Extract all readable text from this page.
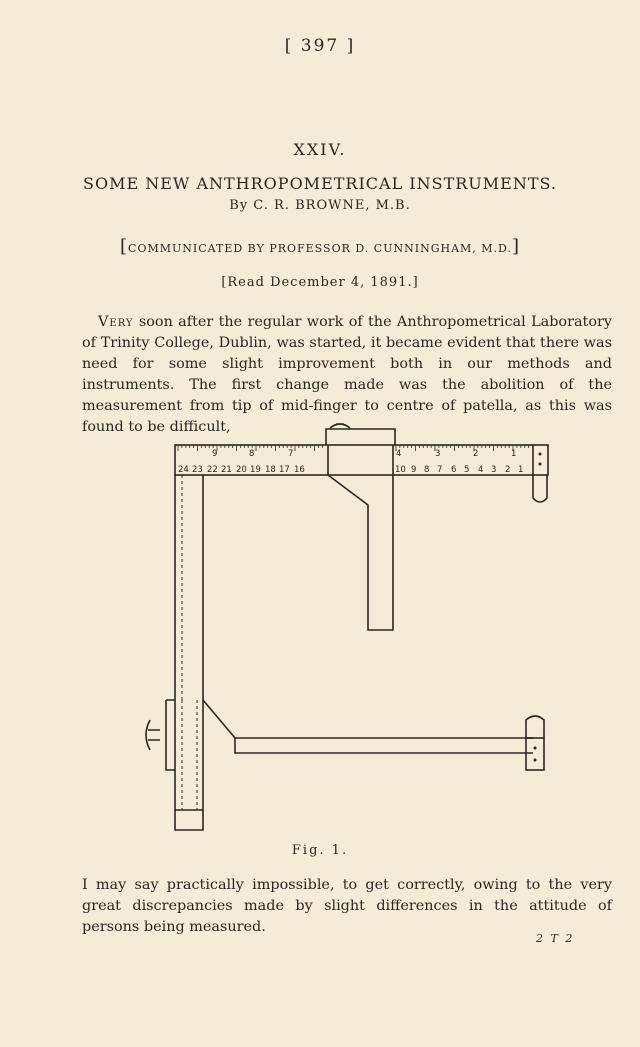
[ 397 ]
XXIV.
SOME NEW ANTHROPOMETRICAL INSTRUMENTS.
By C. R. BROWNE, M.B.
[COMMUNICATED BY PROFESSOR D. CUNNINGHAM, M.D.]
[Read December 4, 1891.]
Very soon after the regular work of the Anthropometrical Laboratory of Trinity College, Dublin, was started, it became evident that there was need for some slight improvement both in our methods and instruments. The first change made was the abolition of the measurement from tip of mid-finger to centre of patella, as this was found to be difficult,
9	8	7
24 23 22 21 20 19 18 17 16
4	3	2	1
10 9 8 7 6 5 4 3 2 1
Fig. 1.
I may say practically impossible, to get correctly, owing to the very great discrepancies made by slight differences in the attitude of persons being measured.
2 T 2
